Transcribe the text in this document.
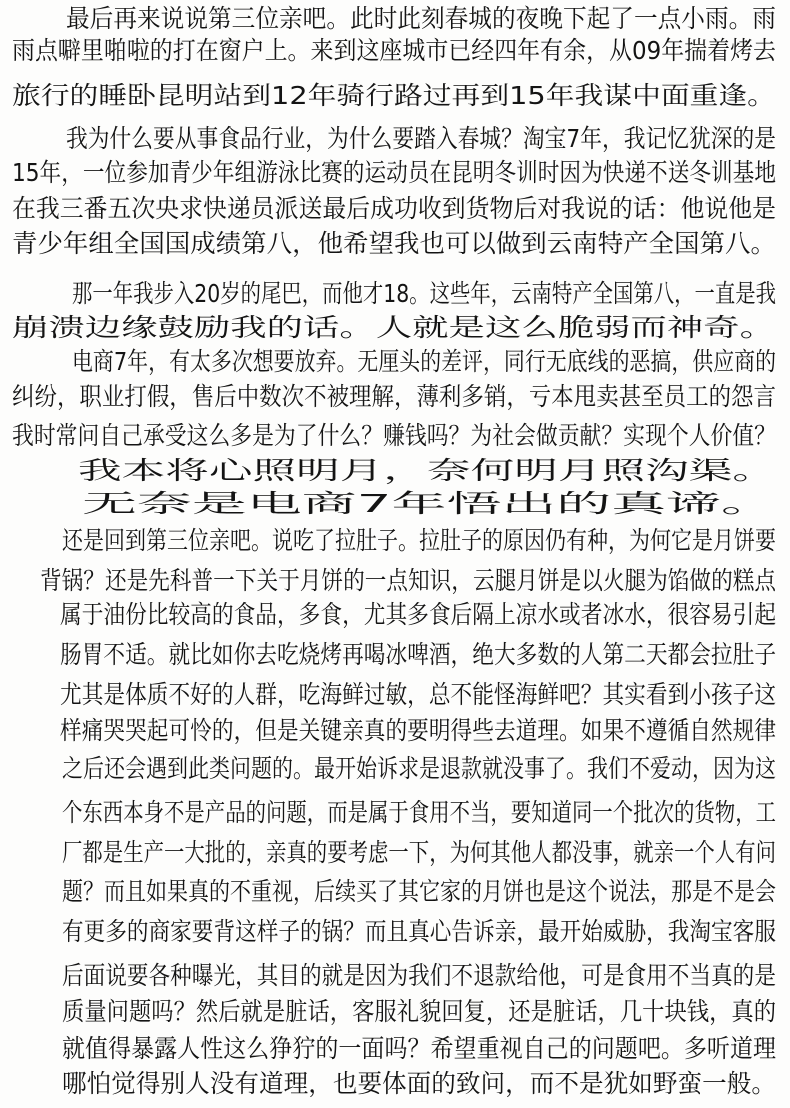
最后再来说说第三位亲吧。此时此刻春城的夜晚下起了一点小雨。雨
雨点噼里啪啦的打在窗户上。来到这座城市已经四年有余，从09年揣着烤去
旅行的睡卧昆明站到12年骑行路过再到15年我谋中面重逢。
我为什么要从事食品行业，为什么要踏入春城？淘宝7年，我记忆犹深的是
15年，一位参加青少年组游泳比赛的运动员在昆明冬训时因为快递不送冬训基地
在我三番五次央求快递员派送最后成功收到货物后对我说的话：他说他是
青少年组全国国成绩第八，他希望我也可以做到云南特产全国第八。
那一年我步入20岁的尾巴，而他才18。这些年，云南特产全国第八，一直是我
崩溃边缘鼓励我的话。人就是这么脆弱而神奇。
电商7年，有太多次想要放弃。无厘头的差评，同行无底线的恶搞，供应商的
纠纷，职业打假，售后中数次不被理解，薄利多销，亏本甩卖甚至员工的怨言
我时常问自己承受这么多是为了什么？赚钱吗？为社会做贡献？实现个人价值？
我本将心照明月，奈何明月照沟渠。
无奈是电商7年悟出的真谛。
还是回到第三位亲吧。说吃了拉肚子。拉肚子的原因仍有种，为何它是月饼要
背锅？还是先科普一下关于月饼的一点知识，云腿月饼是以火腿为馅做的糕点
属于油份比较高的食品，多食，尤其多食后隔上凉水或者冰水，很容易引起
肠胃不适。就比如你去吃烧烤再喝冰啤酒，绝大多数的人第二天都会拉肚子
尤其是体质不好的人群，吃海鲜过敏，总不能怪海鲜吧？其实看到小孩子这
样痛哭哭起可怜的，但是关键亲真的要明得些去道理。如果不遵循自然规律
之后还会遇到此类问题的。最开始诉求是退款就没事了。我们不爱动，因为这
个东西本身不是产品的问题，而是属于食用不当，要知道同一个批次的货物，工
厂都是生产一大批的，亲真的要考虑一下，为何其他人都没事，就亲一个人有问
题？而且如果真的不重视，后续买了其它家的月饼也是这个说法，那是不是会
有更多的商家要背这样子的锅？而且真心告诉亲，最开始威胁，我淘宝客服
后面说要各种曝光，其目的就是因为我们不退款给他，可是食用不当真的是
质量问题吗？然后就是脏话，客服礼貌回复，还是脏话，几十块钱，真的
就值得暴露人性这么狰狞的一面吗？希望重视自己的问题吧。多听道理
哪怕觉得别人没有道理，也要体面的致问，而不是犹如野蛮一般。
